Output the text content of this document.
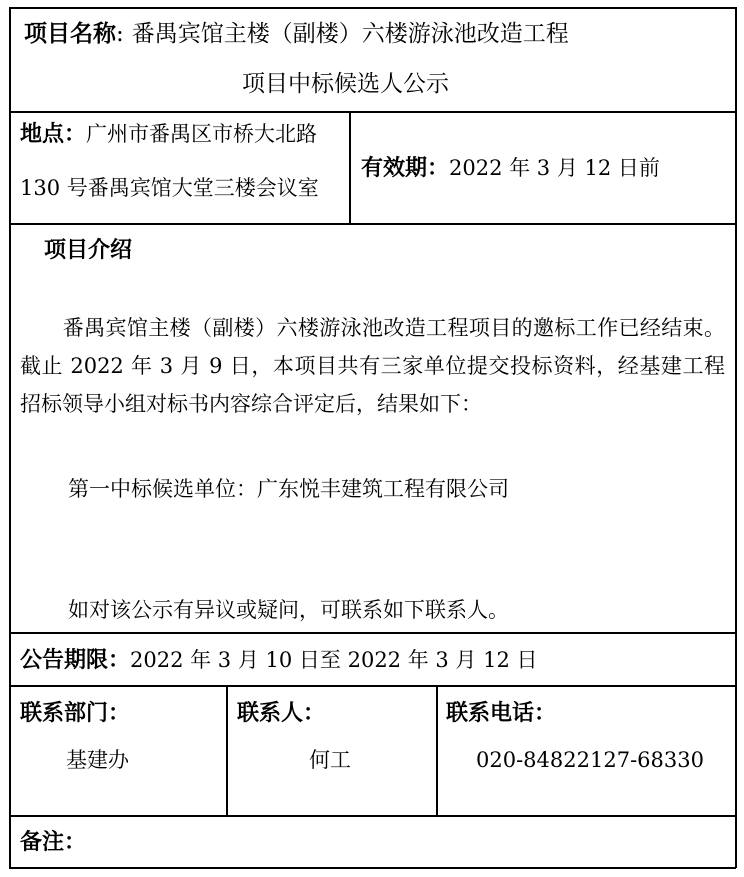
项目名称: 番禺宾馆主楼（副楼）六楼游泳池改造工程
项目中标候选人公示
地点：广州市番禺区市桥大北路
130 号番禺宾馆大堂三楼会议室
有效期：2022 年 3 月 12 日前
项目介绍
　　番禺宾馆主楼（副楼）六楼游泳池改造工程项目的邀标工作已经结束。截止 2022 年 3 月 9 日，本项目共有三家单位提交投标资料，经基建工程招标领导小组对标书内容综合评定后，结果如下：
第一中标候选单位：广东悦丰建筑工程有限公司
如对该公示有异议或疑问，可联系如下联系人。
公告期限：2022 年 3 月 10 日至 2022 年 3 月 12 日
联系部门：
基建办
联系人：
何工
联系电话：
020-84822127-68330
备注：
